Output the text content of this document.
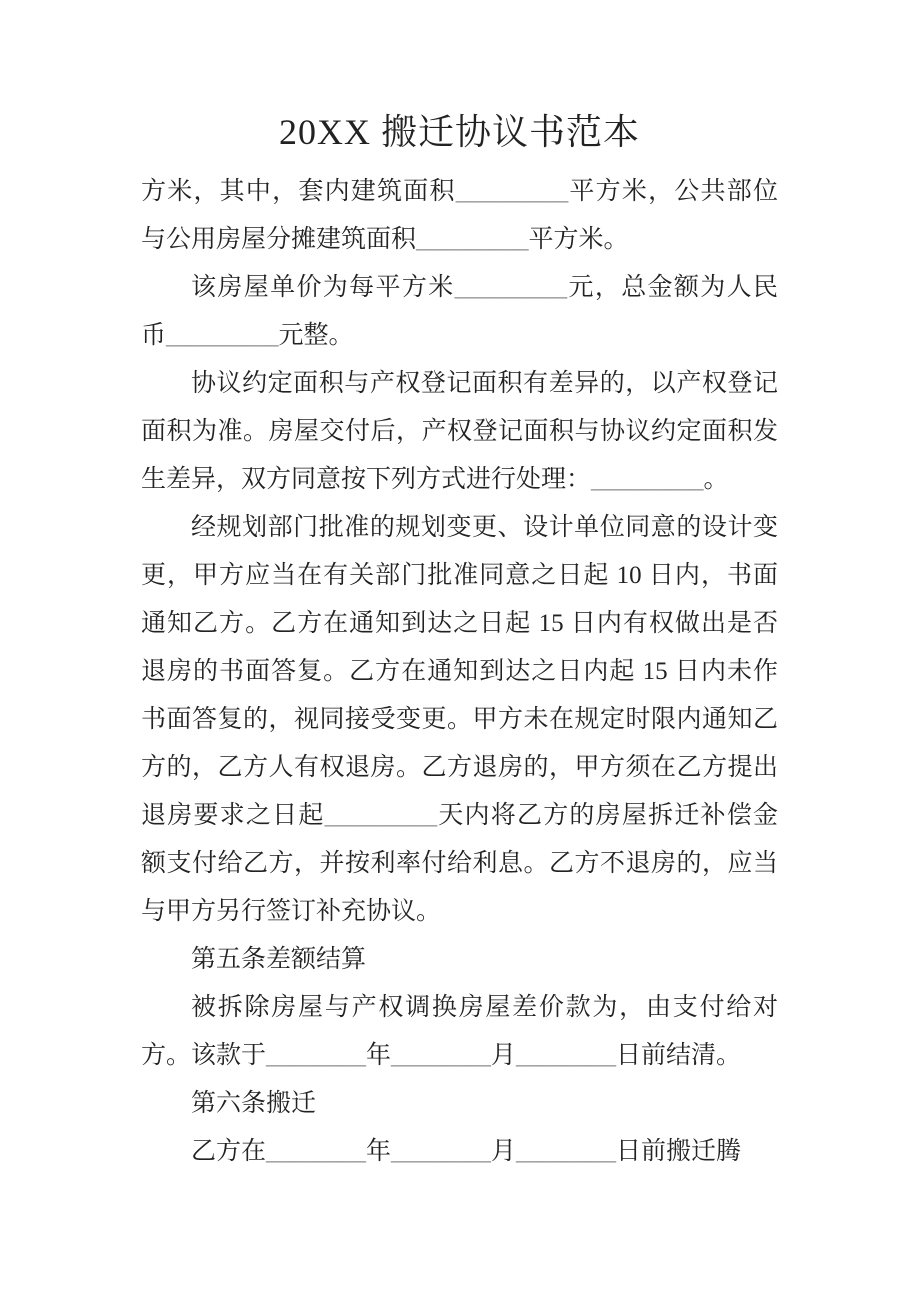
20XX 搬迁协议书范本

方米，其中，套内建筑面积_________平方米，公共部位与公用房屋分摊建筑面积_________平方米。

该房屋单价为每平方米_________元，总金额为人民币_________元整。

协议约定面积与产权登记面积有差异的，以产权登记面积为准。房屋交付后，产权登记面积与协议约定面积发生差异，双方同意按下列方式进行处理：_________。

经规划部门批准的规划变更、设计单位同意的设计变更，甲方应当在有关部门批准同意之日起 10 日内，书面通知乙方。乙方在通知到达之日起 15 日内有权做出是否退房的书面答复。乙方在通知到达之日内起 15 日内未作书面答复的，视同接受变更。甲方未在规定时限内通知乙方的，乙方人有权退房。乙方退房的，甲方须在乙方提出退房要求之日起_________天内将乙方的房屋拆迁补偿金额支付给乙方，并按利率付给利息。乙方不退房的，应当与甲方另行签订补充协议。

第五条差额结算

被拆除房屋与产权调换房屋差价款为，由支付给对方。该款于________年________月________日前结清。

第六条搬迁

乙方在________年________月________日前搬迁腾
